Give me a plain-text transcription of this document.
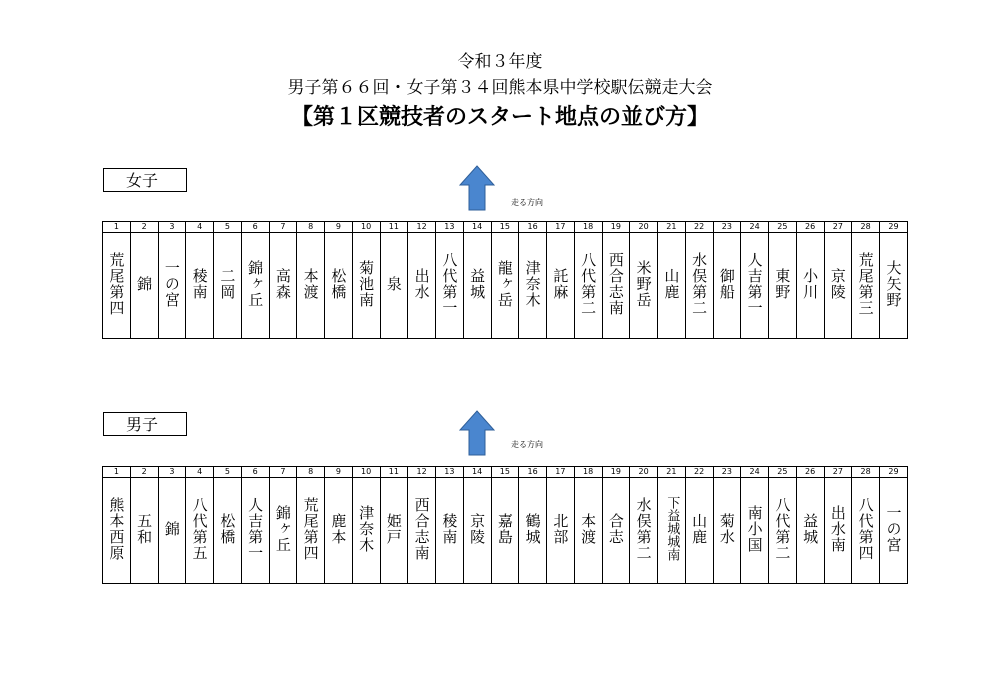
令和３年度
男子第６６回・女子第３４回熊本県中学校駅伝競走大会
【第１区競技者のスタート地点の並び方】
女子
走る方向
1	2	3	4	5	6	7	8	9	10	11	12	13	14	15	16	17	18	19	20	21	22	23	24	25	26	27	28	29
荒尾第四	錦	一の宮	稜南	二岡	錦ヶ丘	高森	本渡	松橋	菊池南	泉	出水	八代第一	益城	龍ヶ岳	津奈木	託麻	八代第二	西合志南	米野岳	山鹿	水俣第二	御船	人吉第一	東野	小川	京陵	荒尾第三	大矢野
男子
走る方向
1	2	3	4	5	6	7	8	9	10	11	12	13	14	15	16	17	18	19	20	21	22	23	24	25	26	27	28	29
熊本西原	五和	錦	八代第五	松橋	人吉第一	錦ヶ丘	荒尾第四	鹿本	津奈木	姫戸	西合志南	稜南	京陵	嘉島	鶴城	北部	本渡	合志	水俣第二	下益城城南	山鹿	菊水	南小国	八代第二	益城	出水南	八代第四	一の宮
